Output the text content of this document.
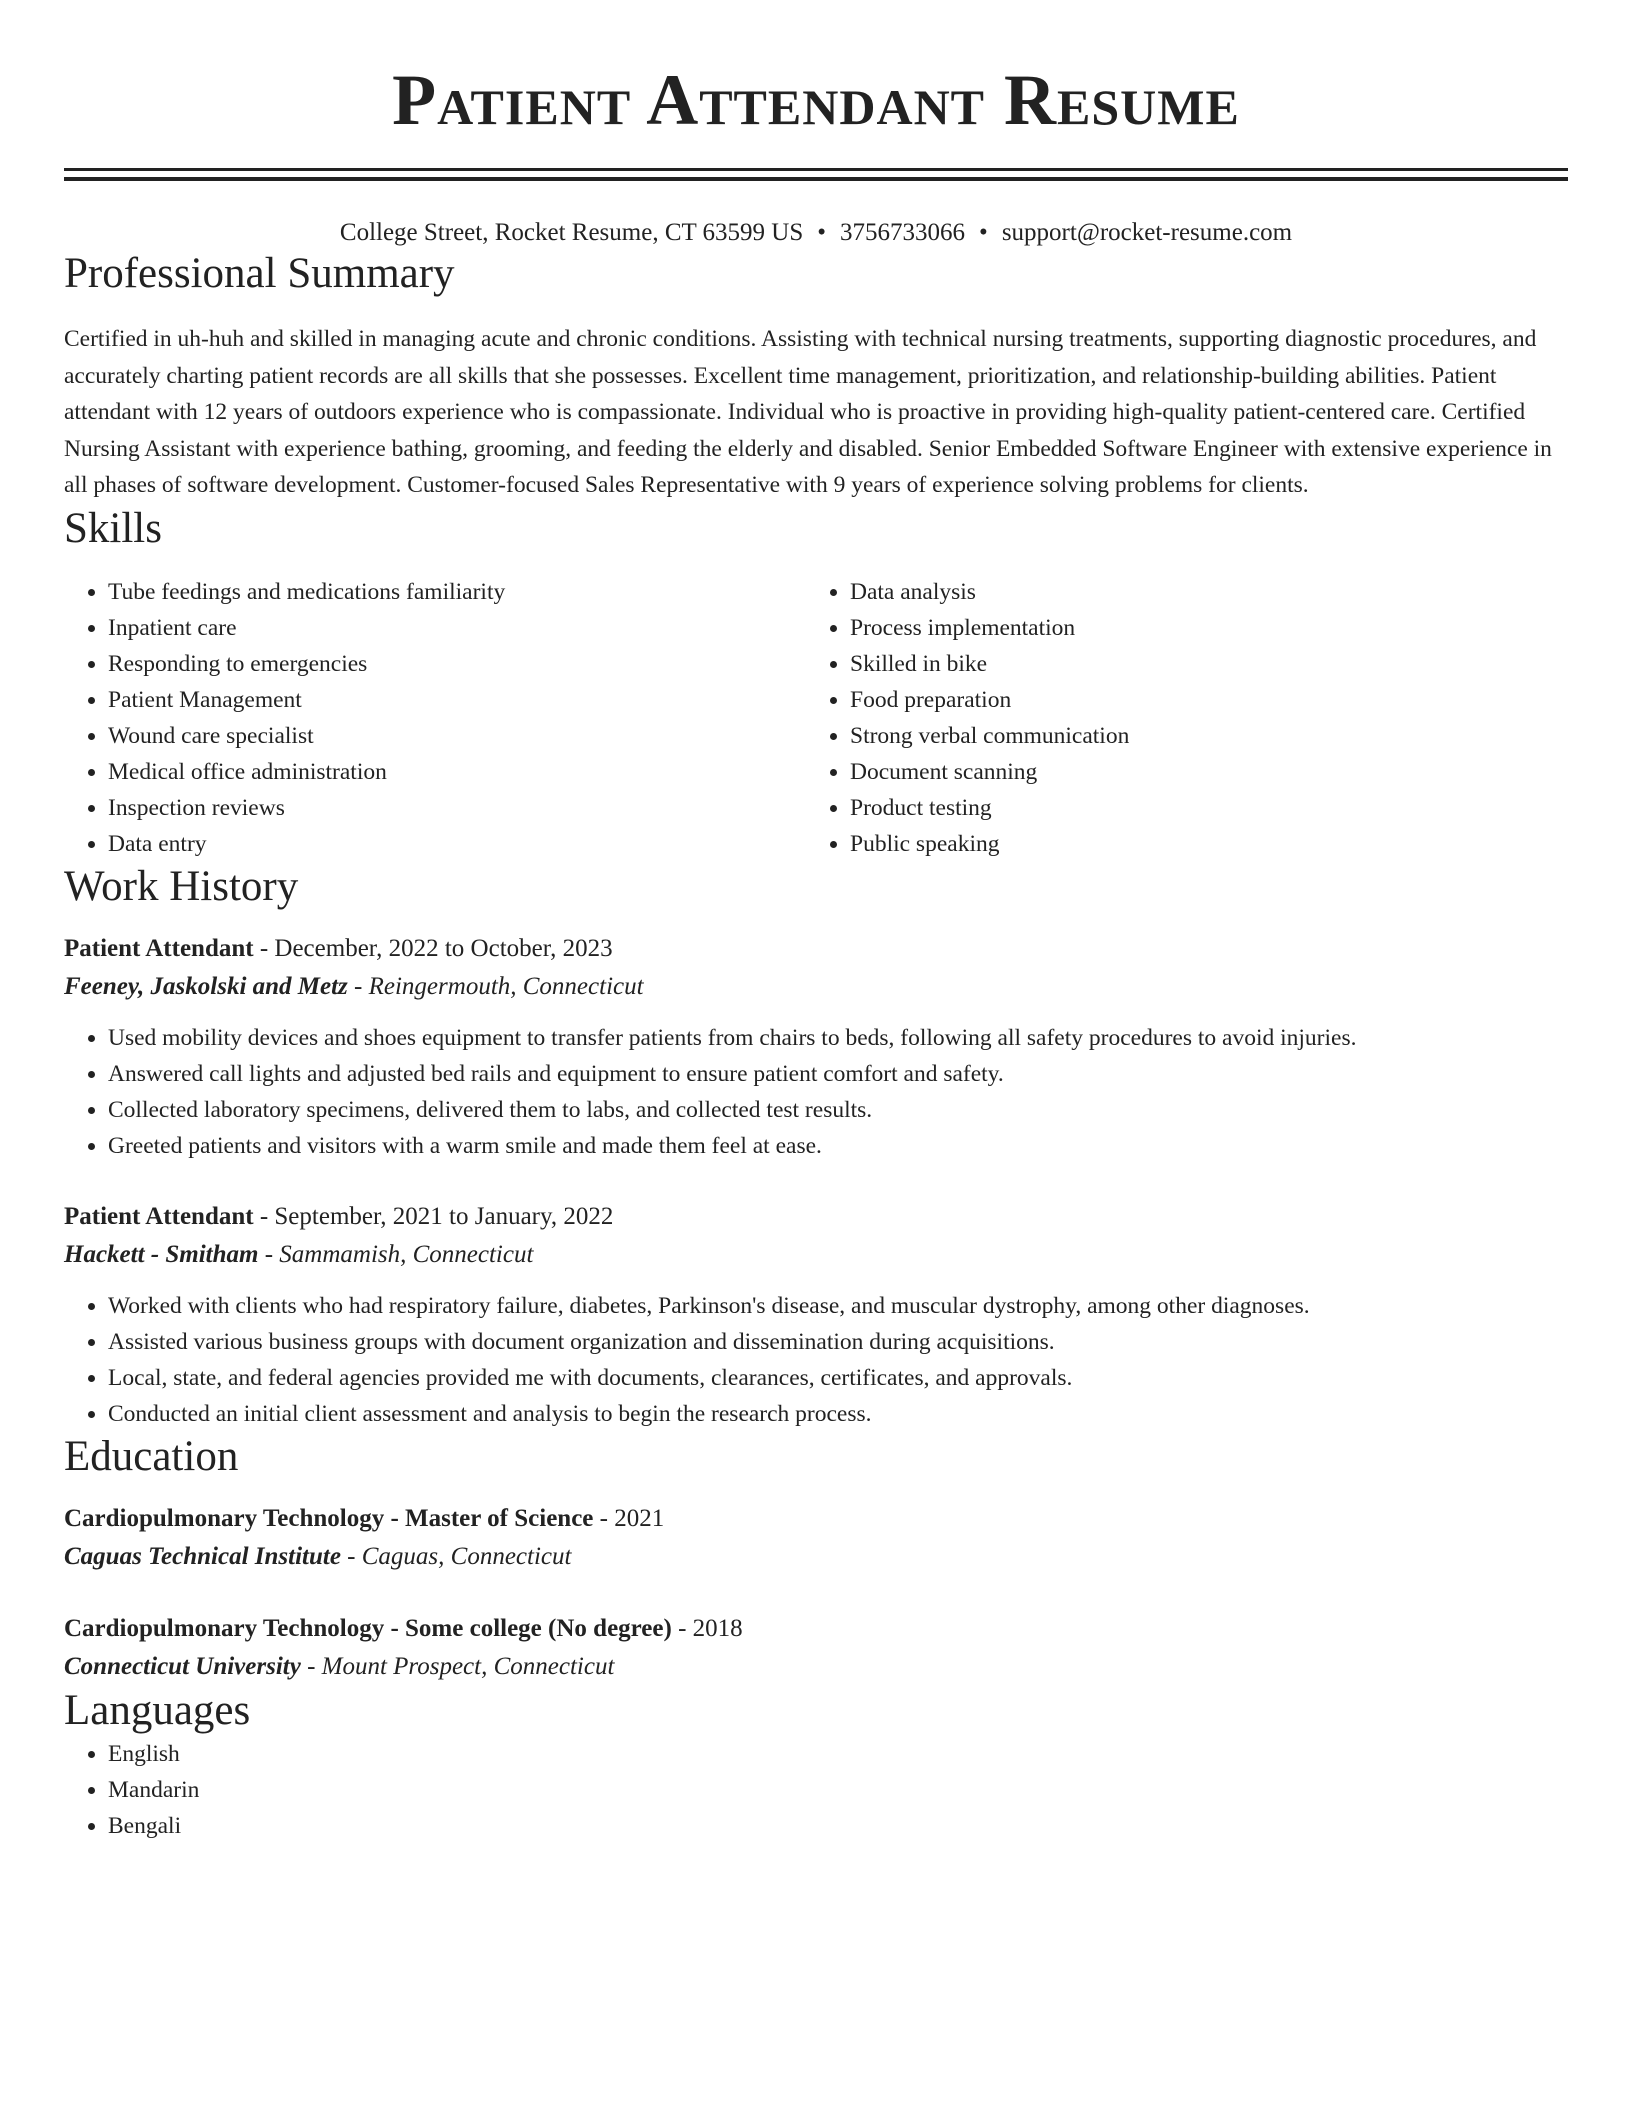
Patient Attendant Resume
College Street, Rocket Resume, CT 63599 US • 3756733066 • support@rocket-resume.com
Professional Summary
Certified in uh-huh and skilled in managing acute and chronic conditions. Assisting with technical nursing treatments, supporting diagnostic procedures, and accurately charting patient records are all skills that she possesses. Excellent time management, prioritization, and relationship-building abilities. Patient attendant with 12 years of outdoors experience who is compassionate. Individual who is proactive in providing high-quality patient-centered care. Certified Nursing Assistant with experience bathing, grooming, and feeding the elderly and disabled. Senior Embedded Software Engineer with extensive experience in all phases of software development. Customer-focused Sales Representative with 9 years of experience solving problems for clients.
Skills
• Tube feedings and medications familiarity
• Inpatient care
• Responding to emergencies
• Patient Management
• Wound care specialist
• Medical office administration
• Inspection reviews
• Data entry
• Data analysis
• Process implementation
• Skilled in bike
• Food preparation
• Strong verbal communication
• Document scanning
• Product testing
• Public speaking
Work History
Patient Attendant - December, 2022 to October, 2023
Feeney, Jaskolski and Metz - Reingermouth, Connecticut
• Used mobility devices and shoes equipment to transfer patients from chairs to beds, following all safety procedures to avoid injuries.
• Answered call lights and adjusted bed rails and equipment to ensure patient comfort and safety.
• Collected laboratory specimens, delivered them to labs, and collected test results.
• Greeted patients and visitors with a warm smile and made them feel at ease.
Patient Attendant - September, 2021 to January, 2022
Hackett - Smitham - Sammamish, Connecticut
• Worked with clients who had respiratory failure, diabetes, Parkinson's disease, and muscular dystrophy, among other diagnoses.
• Assisted various business groups with document organization and dissemination during acquisitions.
• Local, state, and federal agencies provided me with documents, clearances, certificates, and approvals.
• Conducted an initial client assessment and analysis to begin the research process.
Education
Cardiopulmonary Technology - Master of Science - 2021
Caguas Technical Institute - Caguas, Connecticut
Cardiopulmonary Technology - Some college (No degree) - 2018
Connecticut University - Mount Prospect, Connecticut
Languages
• English
• Mandarin
• Bengali
